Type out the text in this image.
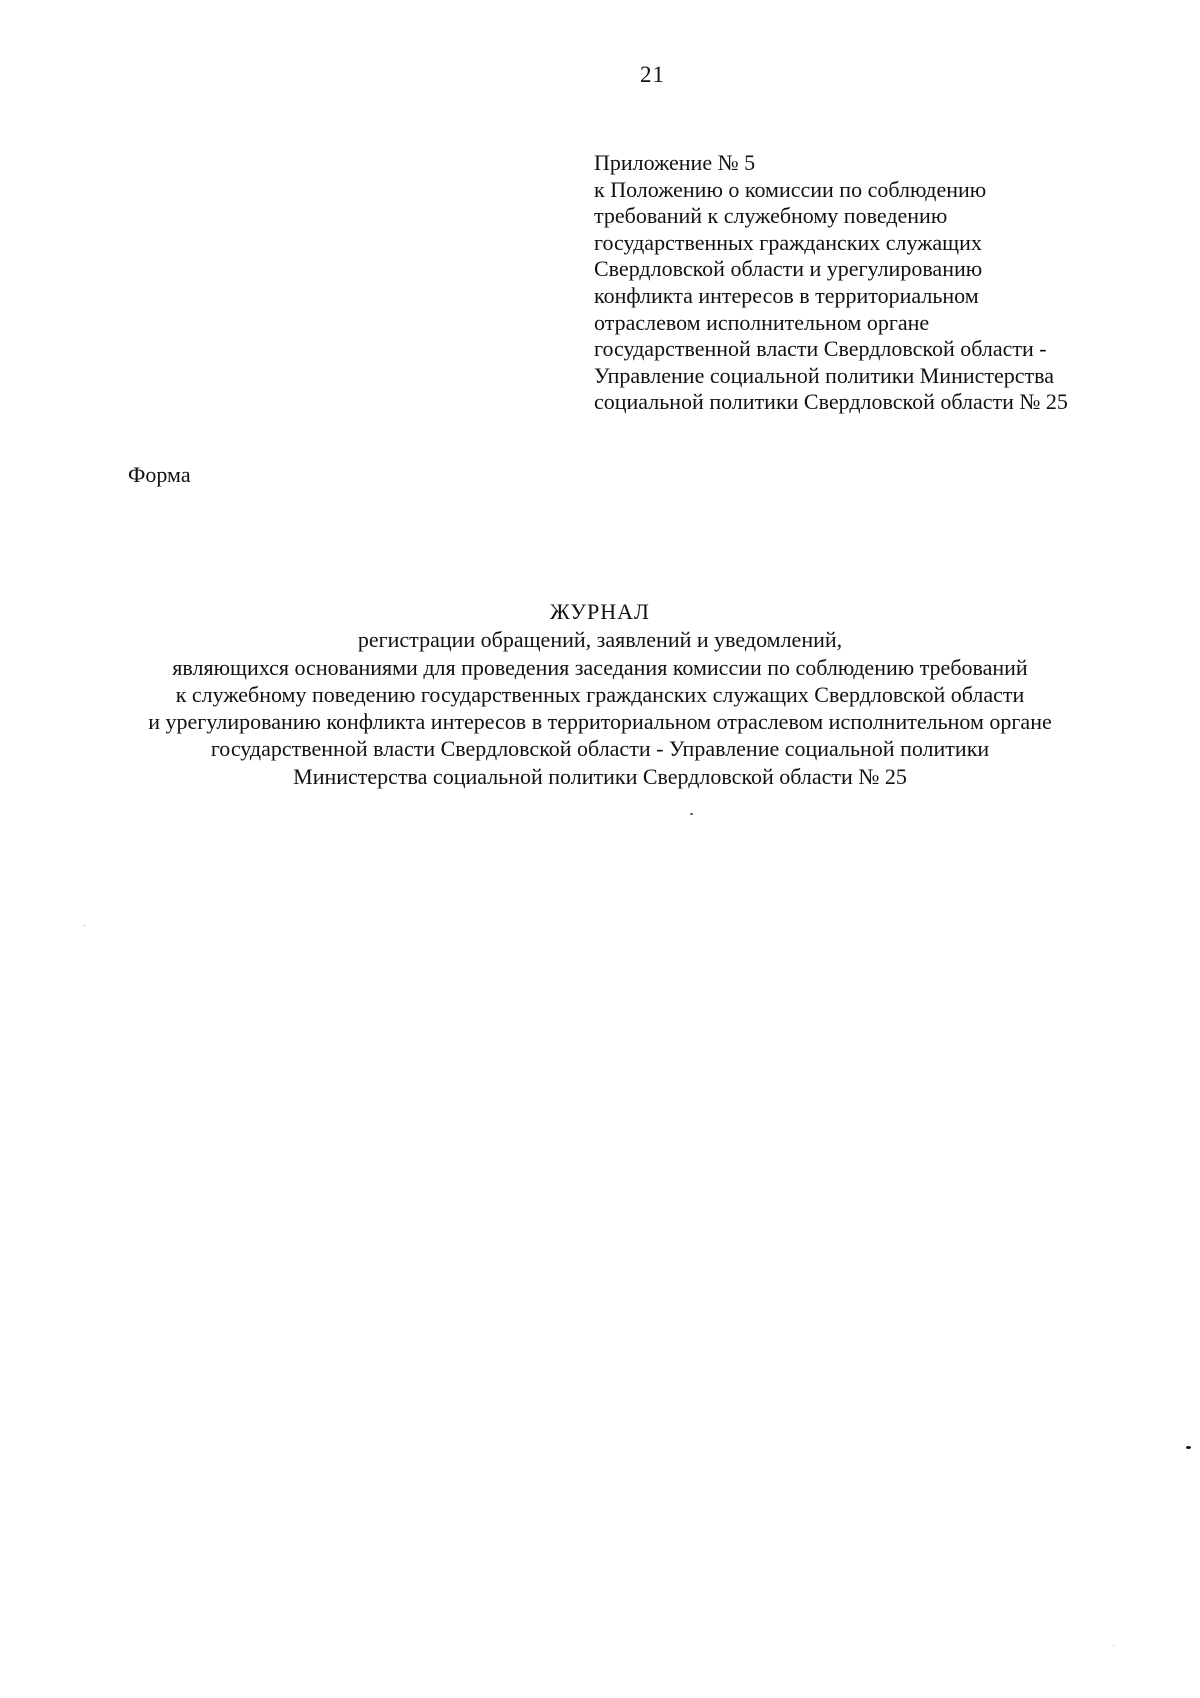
21
Приложение № 5
к Положению о комиссии по соблюдению
требований к служебному поведению
государственных гражданских служащих
Свердловской области и урегулированию
конфликта интересов в территориальном
отраслевом исполнительном органе
государственной власти Свердловской области -
Управление социальной политики Министерства
социальной политики Свердловской области № 25
Форма
ЖУРНАЛ
регистрации обращений, заявлений и уведомлений,
являющихся основаниями для проведения заседания комиссии по соблюдению требований
к служебному поведению государственных гражданских служащих Свердловской области
и урегулированию конфликта интересов в территориальном отраслевом исполнительном органе
государственной власти Свердловской области - Управление социальной политики
Министерства социальной политики Свердловской области № 25
